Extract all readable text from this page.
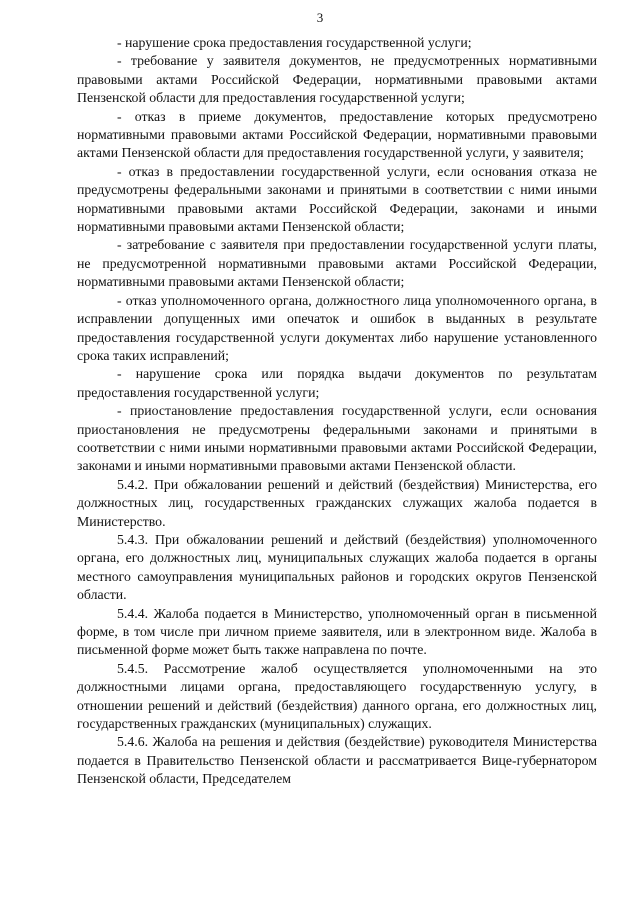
3

- нарушение срока предоставления государственной услуги;

- требование у заявителя документов, не предусмотренных нормативными правовыми актами Российской Федерации, нормативными правовыми актами Пензенской области для предоставления государственной услуги;

- отказ в приеме документов, предоставление которых предусмотрено нормативными правовыми актами Российской Федерации, нормативными правовыми актами Пензенской области для предоставления государственной услуги, у заявителя;

- отказ в предоставлении государственной услуги, если основания отказа не предусмотрены федеральными законами и принятыми в соответствии с ними иными нормативными правовыми актами Российской Федерации, законами и иными нормативными правовыми актами Пензенской области;

- затребование с заявителя при предоставлении государственной услуги платы, не предусмотренной нормативными правовыми актами Российской Федерации, нормативными правовыми актами Пензенской области;

- отказ уполномоченного органа, должностного лица уполномоченного органа, в исправлении допущенных ими опечаток и ошибок в выданных в результате предоставления государственной услуги документах либо нарушение установленного срока таких исправлений;

- нарушение срока или порядка выдачи документов по результатам предоставления государственной услуги;

- приостановление предоставления государственной услуги, если основания приостановления не предусмотрены федеральными законами и принятыми в соответствии с ними иными нормативными правовыми актами Российской Федерации, законами и иными нормативными правовыми актами Пензенской области.

5.4.2. При обжаловании решений и действий (бездействия) Министерства, его должностных лиц, государственных гражданских служащих жалоба подается в Министерство.

5.4.3. При обжаловании решений и действий (бездействия) уполномоченного органа, его должностных лиц, муниципальных служащих жалоба подается в органы местного самоуправления муниципальных районов и городских округов Пензенской области.

5.4.4. Жалоба подается в Министерство, уполномоченный орган в письменной форме, в том числе при личном приеме заявителя, или в электронном виде. Жалоба в письменной форме может быть также направлена по почте.

5.4.5. Рассмотрение жалоб осуществляется уполномоченными на это должностными лицами органа, предоставляющего государственную услугу, в отношении решений и действий (бездействия) данного органа, его должностных лиц, государственных гражданских (муниципальных) служащих.

5.4.6. Жалоба на решения и действия (бездействие) руководителя Министерства подается в Правительство Пензенской области и рассматривается Вице-губернатором Пензенской области, Председателем
